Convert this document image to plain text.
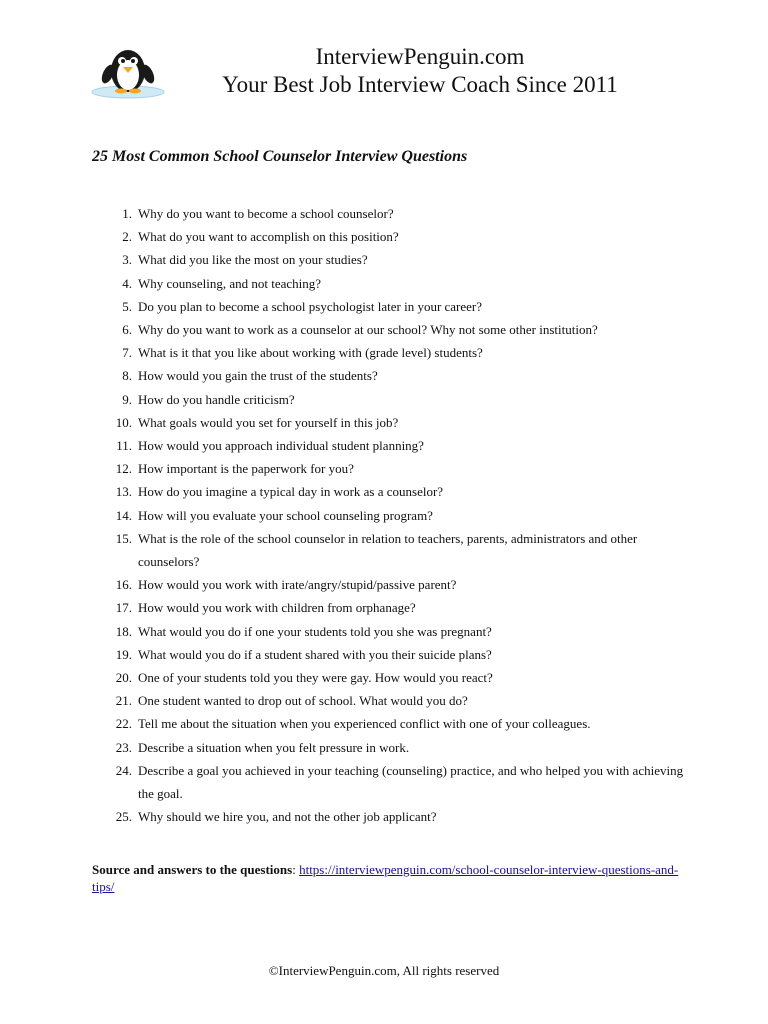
InterviewPenguin.com
Your Best Job Interview Coach Since 2011
25 Most Common School Counselor Interview Questions
1. Why do you want to become a school counselor?
2. What do you want to accomplish on this position?
3. What did you like the most on your studies?
4. Why counseling, and not teaching?
5. Do you plan to become a school psychologist later in your career?
6. Why do you want to work as a counselor at our school? Why not some other institution?
7. What is it that you like about working with (grade level) students?
8. How would you gain the trust of the students?
9. How do you handle criticism?
10. What goals would you set for yourself in this job?
11. How would you approach individual student planning?
12. How important is the paperwork for you?
13. How do you imagine a typical day in work as a counselor?
14. How will you evaluate your school counseling program?
15. What is the role of the school counselor in relation to teachers, parents, administrators and other counselors?
16. How would you work with irate/angry/stupid/passive parent?
17. How would you work with children from orphanage?
18. What would you do if one your students told you she was pregnant?
19. What would you do if a student shared with you their suicide plans?
20. One of your students told you they were gay. How would you react?
21. One student wanted to drop out of school. What would you do?
22. Tell me about the situation when you experienced conflict with one of your colleagues.
23. Describe a situation when you felt pressure in work.
24. Describe a goal you achieved in your teaching (counseling) practice, and who helped you with achieving the goal.
25. Why should we hire you, and not the other job applicant?
Source and answers to the questions: https://interviewpenguin.com/school-counselor-interview-questions-and-tips/
©InterviewPenguin.com, All rights reserved
